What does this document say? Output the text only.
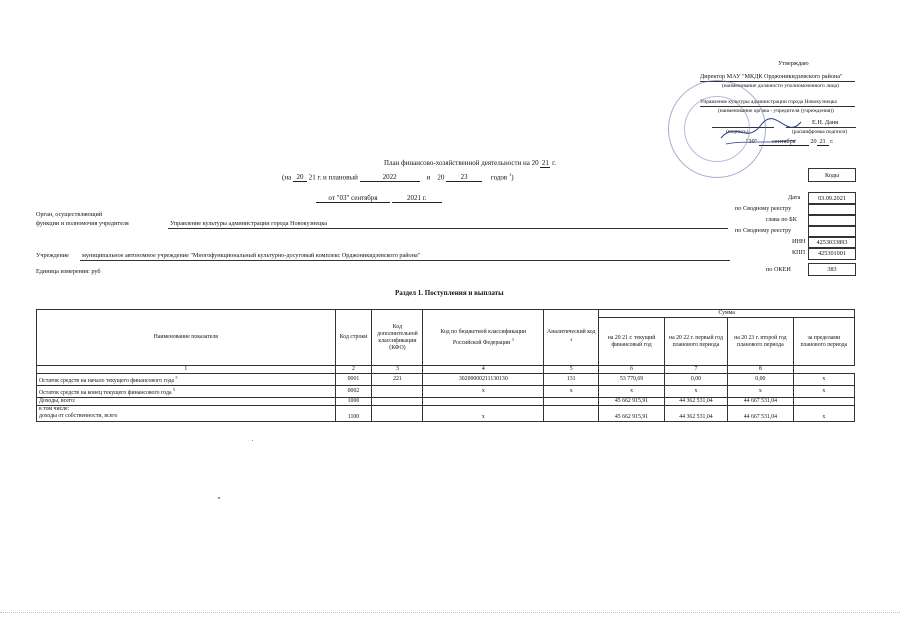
Утверждаю
Директор МАУ "МКДК Орджоникидзевского района"
(наименование должности уполномоченного лица)
Управление культуры администрации города Новокузнецка
(наименование органа - учредителя (учреждения))
Е.Н. Дани
(подпись)	(расшифровка подписи)
"30" сентября 20 21 г.
План финансово-хозяйственной деятельности на 20 21 г.
(на 20 21 г. и плановый	2022	и 20 23	годов $^1$)
от "03" сентября	2021 г.
Коды
03.09.2021
4253033893
425301001
383
Дата
по Сводному реестру
глава по БК
по Сводному реестру
ИНН
КПП
по ОКЕИ
Орган, осуществляющий
функции и полномочия учредителя	Управление культуры администрации города Новокузнецка
Учреждение муниципальное автономное учреждение "Многофункциональный культурно-досуговый комплекс Орджоникидзевского района"
Единица измерения: руб
Раздел 1. Поступления и выплаты
Наименование показателя	Код строки	Код дополнительной классификации (КФО)	Код по бюджетной классификации Российской Федерации $^3$	Аналитический код $^4$	Сумма			
					на 20 21 г. текущий финансовый год	на 20 22 г. первый год планового периода	на 20 23 г. второй год планового периода	за пределами планового периода
1	2	3	4	5	6	7	8	
Остаток средств на начало текущего финансового года $^5$	0001	221	30200000211130130	131	53 770,69	0,00	0,00	x
Остаток средств на конец текущего финансового года $^5$	0002		x	x	x	x	x	x
Доходы, всего:	1000				45 662 915,91	44 362 531,04	44 667 531,04	

в том числе:
доходы от собственности, всего	1100		x		45 662 915,91	44 362 531,04	44 667 531,04	x
